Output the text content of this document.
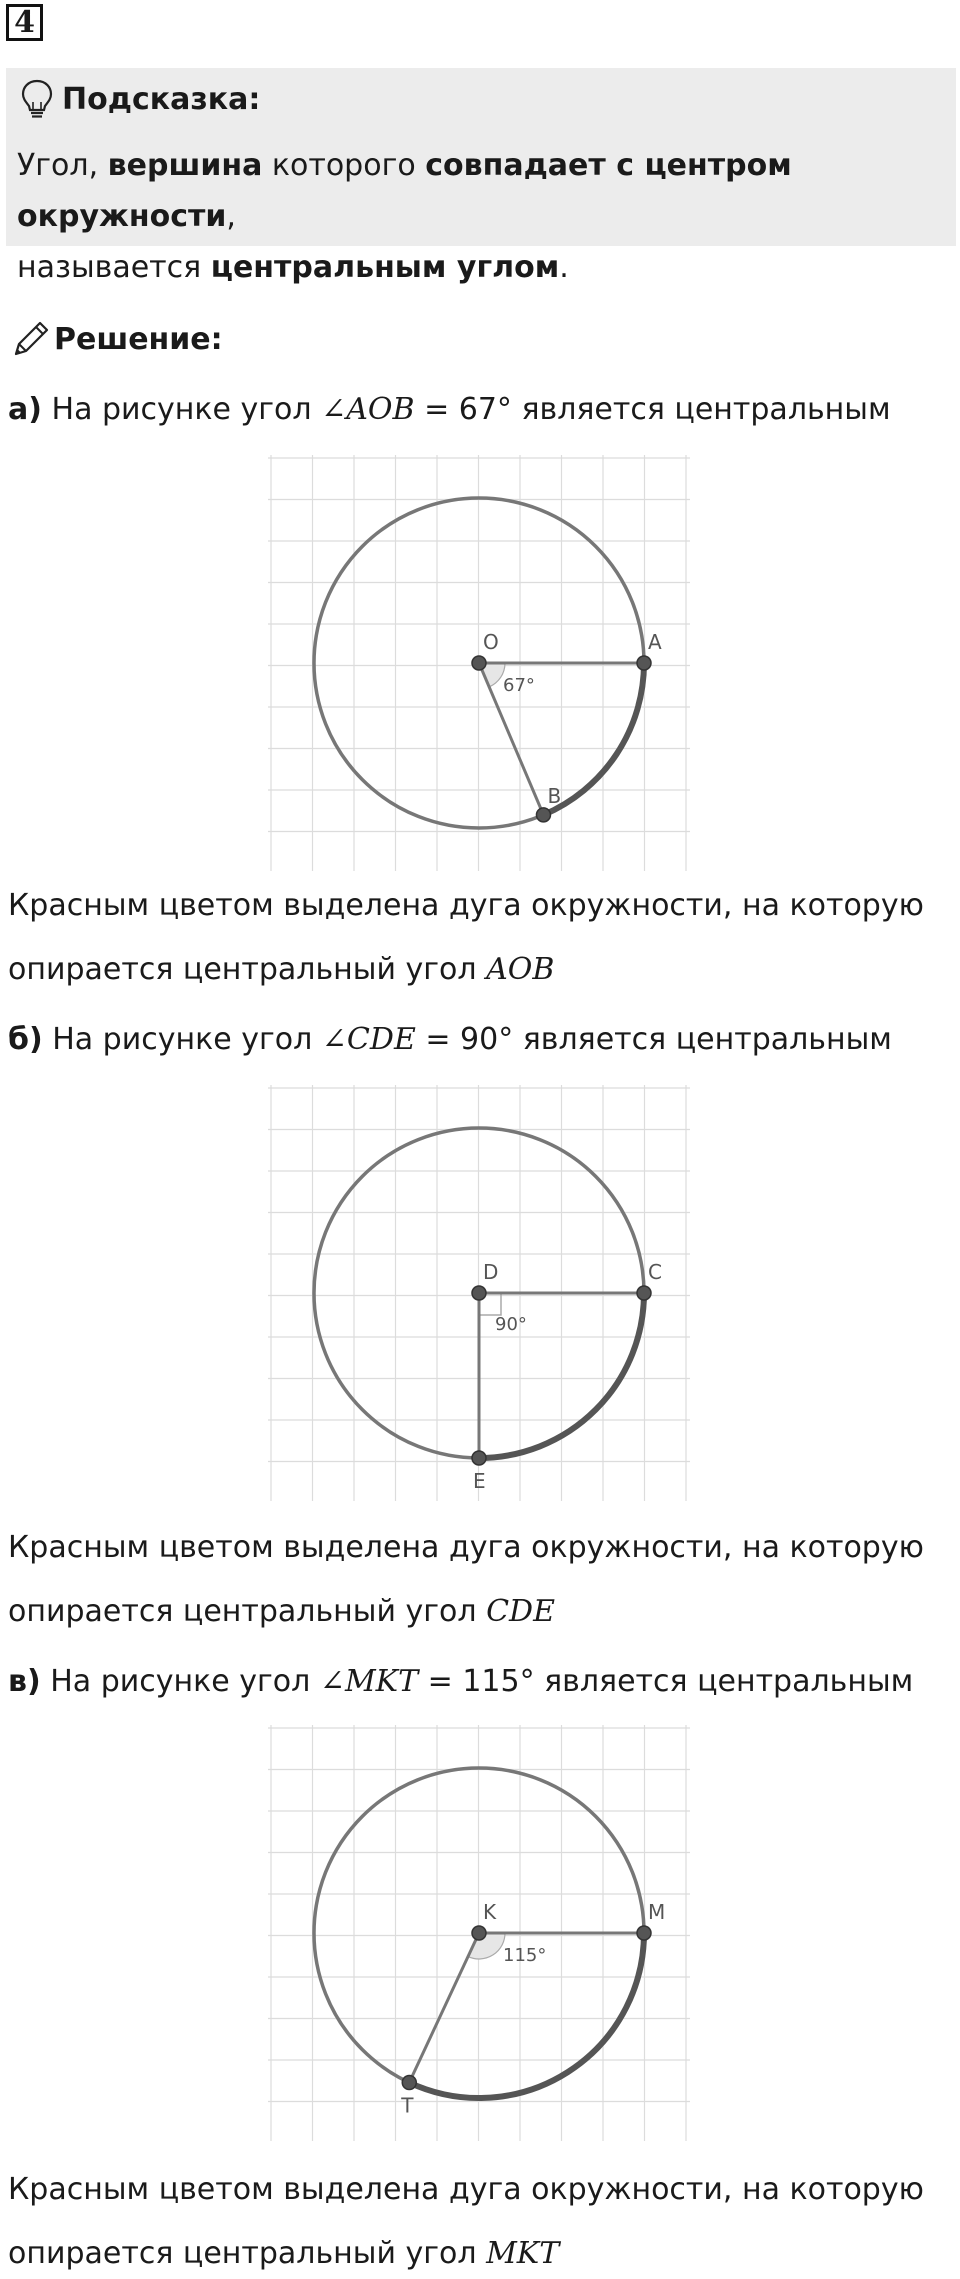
4
Подсказка:
Угол, вершина которого совпадает с центром окружности,
называется центральным углом.
Решение:
а) На рисунке угол ∠AOB = 67° является центральным
O	A
B
67°
Красным цветом выделена дуга окружности, на которую
опирается центральный угол AOB
б) На рисунке угол ∠CDE = 90° является центральным
D	C
E
90°
Красным цветом выделена дуга окружности, на которую
опирается центральный угол CDE
в) На рисунке угол ∠MKT = 115° является центральным
K	M
T
115°
Красным цветом выделена дуга окружности, на которую
опирается центральный угол MKT
